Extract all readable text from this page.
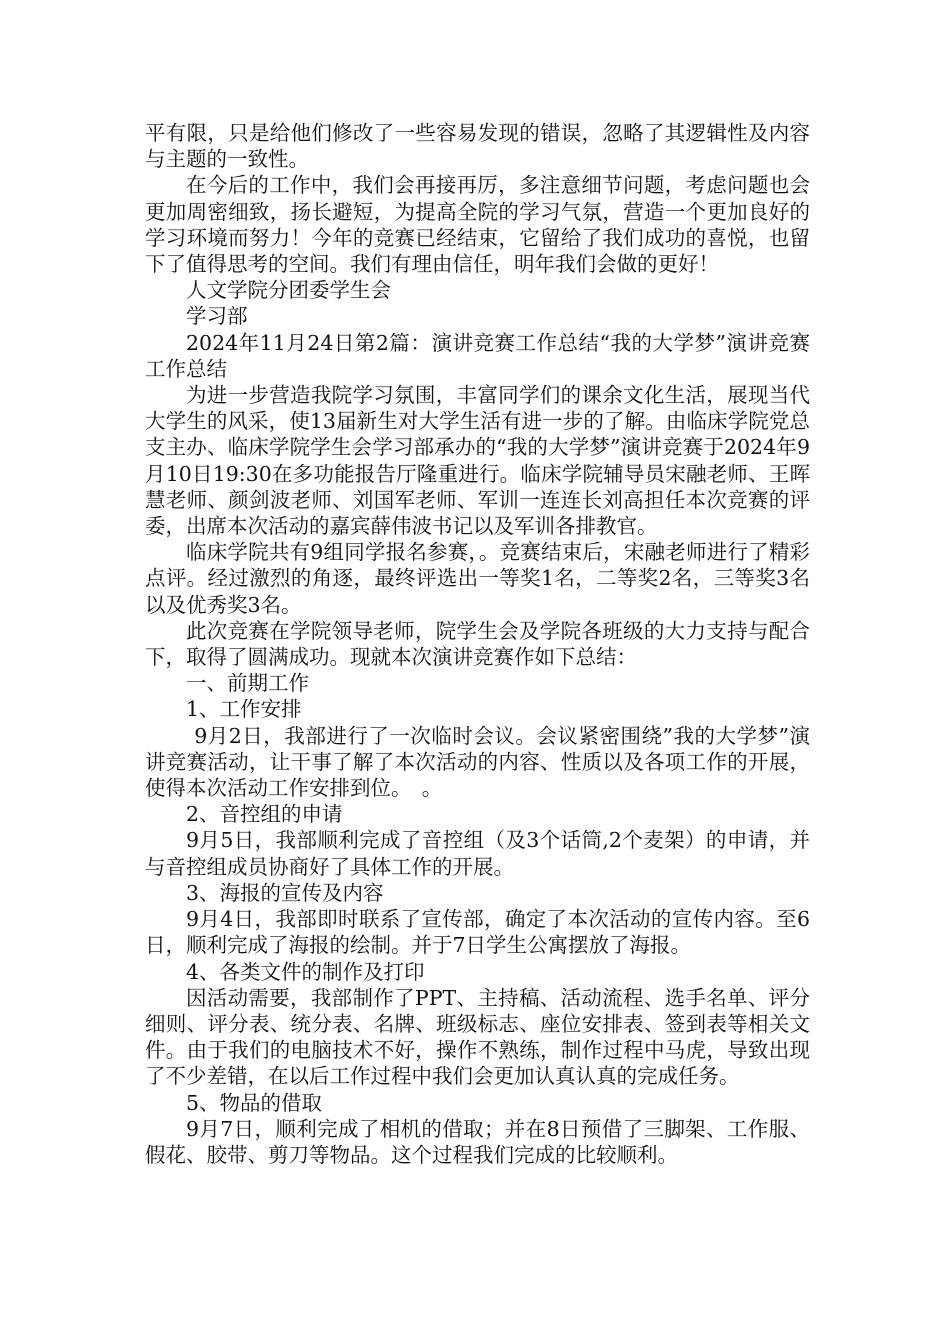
平有限，只是给他们修改了一些容易发现的错误，忽略了其逻辑性及内容与主题的一致性。

在今后的工作中，我们会再接再厉，多注意细节问题，考虑问题也会更加周密细致，扬长避短，为提高全院的学习气氛，营造一个更加良好的学习环境而努力！今年的竞赛已经结束，它留给了我们成功的喜悦，也留下了值得思考的空间。我们有理由信任，明年我们会做的更好！

人文学院分团委学生会

学习部

2024年11月24日第2篇：演讲竞赛工作总结“我的大学梦”演讲竞赛工作总结

为进一步营造我院学习氛围，丰富同学们的课余文化生活，展现当代大学生的风采，使13届新生对大学生活有进一步的了解。由临床学院党总支主办、临床学院学生会学习部承办的“我的大学梦”演讲竞赛于2024年9月10日19:30在多功能报告厅隆重进行。临床学院辅导员宋融老师、王晖慧老师、颜剑波老师、刘国军老师、军训一连连长刘高担任本次竞赛的评委，出席本次活动的嘉宾薛伟波书记以及军训各排教官。

临床学院共有9组同学报名参赛，。竞赛结束后，宋融老师进行了精彩点评。经过激烈的角逐，最终评选出一等奖1名，二等奖2名，三等奖3名以及优秀奖3名。

此次竞赛在学院领导老师，院学生会及学院各班级的大力支持与配合下，取得了圆满成功。现就本次演讲竞赛作如下总结：

一、前期工作

1、工作安排

9月2日，我部进行了一次临时会议。会议紧密围绕”我的大学梦”演讲竞赛活动，让干事了解了本次活动的内容、性质以及各项工作的开展，使得本次活动工作安排到位。　。

2、音控组的申请

9月5日，我部顺利完成了音控组（及3个话筒,2个麦架）的申请，并与音控组成员协商好了具体工作的开展。

3、海报的宣传及内容

9月4日，我部即时联系了宣传部，确定了本次活动的宣传内容。至6日，顺利完成了海报的绘制。并于7日学生公寓摆放了海报。

4、各类文件的制作及打印

因活动需要，我部制作了PPT、主持稿、活动流程、选手名单、评分细则、评分表、统分表、名牌、班级标志、座位安排表、签到表等相关文件。由于我们的电脑技术不好，操作不熟练，制作过程中马虎，导致出现了不少差错，在以后工作过程中我们会更加认真认真的完成任务。

5、物品的借取

9月7日，顺利完成了相机的借取；并在8日预借了三脚架、工作服、假花、胶带、剪刀等物品。这个过程我们完成的比较顺利。
